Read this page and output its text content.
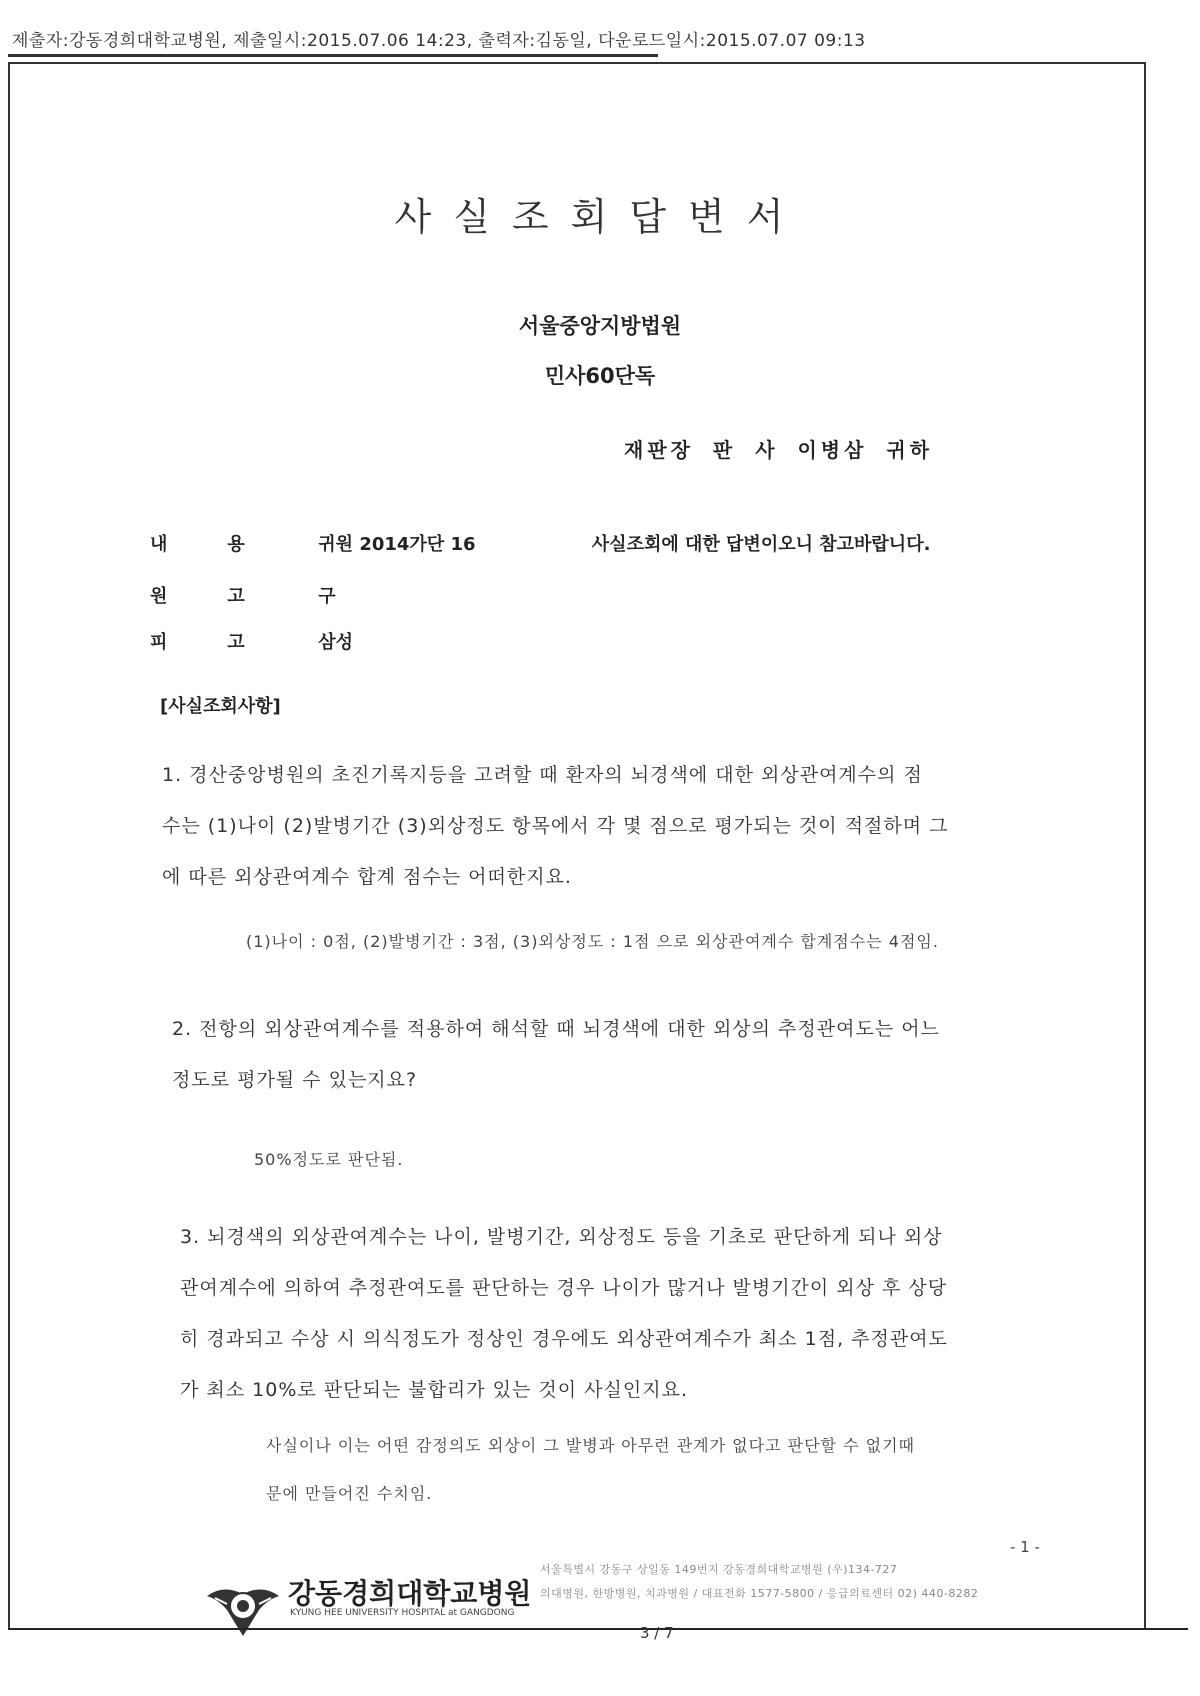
제출자:강동경희대학교병원, 제출일시:2015.07.06 14:23, 출력자:김동일, 다운로드일시:2015.07.07 09:13
사실조회답변서
서울중앙지방법원
민사60단독
재판장 판 사 이병삼 귀하
내용 귀원 2014가단 16	사실조회에 대한 답변이오니 참고바랍니다.
원고 구
피고 삼성
[사실조회사항]
1. 경산중앙병원의 초진기록지등을 고려할 때 환자의 뇌경색에 대한 외상관여계수의 점
수는 (1)나이 (2)발병기간 (3)외상정도 항목에서 각 몇 점으로 평가되는 것이 적절하며 그
에 따른 외상관여계수 합계 점수는 어떠한지요.
(1)나이 : 0점, (2)발병기간 : 3점, (3)외상정도 : 1점 으로 외상관여계수 합계점수는 4점임.
2. 전항의 외상관여계수를 적용하여 해석할 때 뇌경색에 대한 외상의 추정관여도는 어느
정도로 평가될 수 있는지요?
50%정도로 판단됨.
3. 뇌경색의 외상관여계수는 나이, 발병기간, 외상정도 등을 기초로 판단하게 되나 외상
관여계수에 의하여 추정관여도를 판단하는 경우 나이가 많거나 발병기간이 외상 후 상당
히 경과되고 수상 시 의식정도가 정상인 경우에도 외상관여계수가 최소 1점, 추정관여도
가 최소 10%로 판단되는 불합리가 있는 것이 사실인지요.
사실이나 이는 어떤 감정의도 외상이 그 발병과 아무런 관계가 없다고 판단할 수 없기때
문에 만들어진 수치임.
- 1 -
강동경희대학교병원
KYUNG HEE UNIVERSITY HOSPITAL at GANGDONG
서울특별시 강동구 상일동 149번지 강동경희대학교병원 (우)134-727
의대병원, 한방병원, 치과병원 / 대표전화 1577-5800 / 응급의료센터 02) 440-8282
3 / 7
